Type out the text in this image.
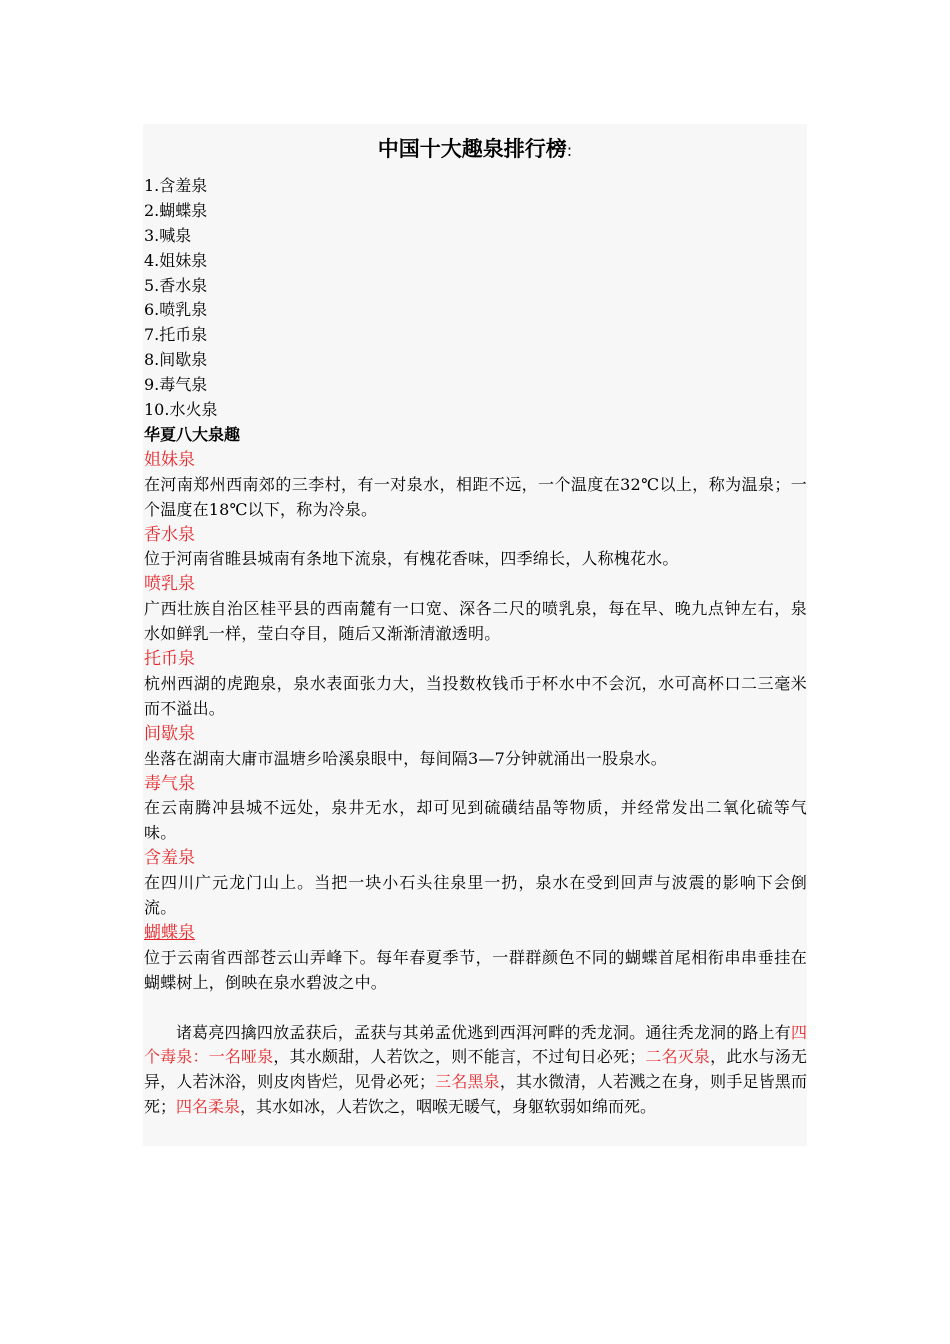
中国十大趣泉排行榜:
1.含羞泉
2.蝴蝶泉
3.喊泉
4.姐妹泉
5.香水泉
6.喷乳泉
7.托币泉
8.间歇泉
9.毒气泉
10.水火泉
华夏八大泉趣
姐妹泉
在河南郑州西南郊的三李村，有一对泉水，相距不远，一个温度在32℃以上，称为温泉；一个温度在18℃以下，称为冷泉。
香水泉
位于河南省睢县城南有条地下流泉，有槐花香味，四季绵长，人称槐花水。
喷乳泉
广西壮族自治区桂平县的西南麓有一口宽、深各二尺的喷乳泉，每在早、晚九点钟左右，泉水如鲜乳一样，莹白夺目，随后又渐渐清澈透明。
托币泉
杭州西湖的虎跑泉，泉水表面张力大，当投数枚钱币于杯水中不会沉，水可高杯口二三毫米而不溢出。
间歇泉
坐落在湖南大庸市温塘乡哈溪泉眼中，每间隔3—7分钟就涌出一股泉水。
毒气泉
在云南腾冲县城不远处，泉井无水，却可见到硫磺结晶等物质，并经常发出二氧化硫等气味。
含羞泉
在四川广元龙门山上。当把一块小石头往泉里一扔，泉水在受到回声与波震的影响下会倒流。
蝴蝶泉
位于云南省西部苍云山弄峰下。每年春夏季节，一群群颜色不同的蝴蝶首尾相衔串串垂挂在蝴蝶树上，倒映在泉水碧波之中。

诸葛亮四擒四放孟获后，孟获与其弟孟优逃到西洱河畔的秃龙洞。通往秃龙洞的路上有四个毒泉：一名哑泉，其水颇甜，人若饮之，则不能言，不过旬日必死；二名灭泉，此水与汤无异，人若沐浴，则皮肉皆烂，见骨必死；三名黑泉，其水微清，人若溅之在身，则手足皆黑而死；四名柔泉，其水如冰，人若饮之，咽喉无暖气，身躯软弱如绵而死。
